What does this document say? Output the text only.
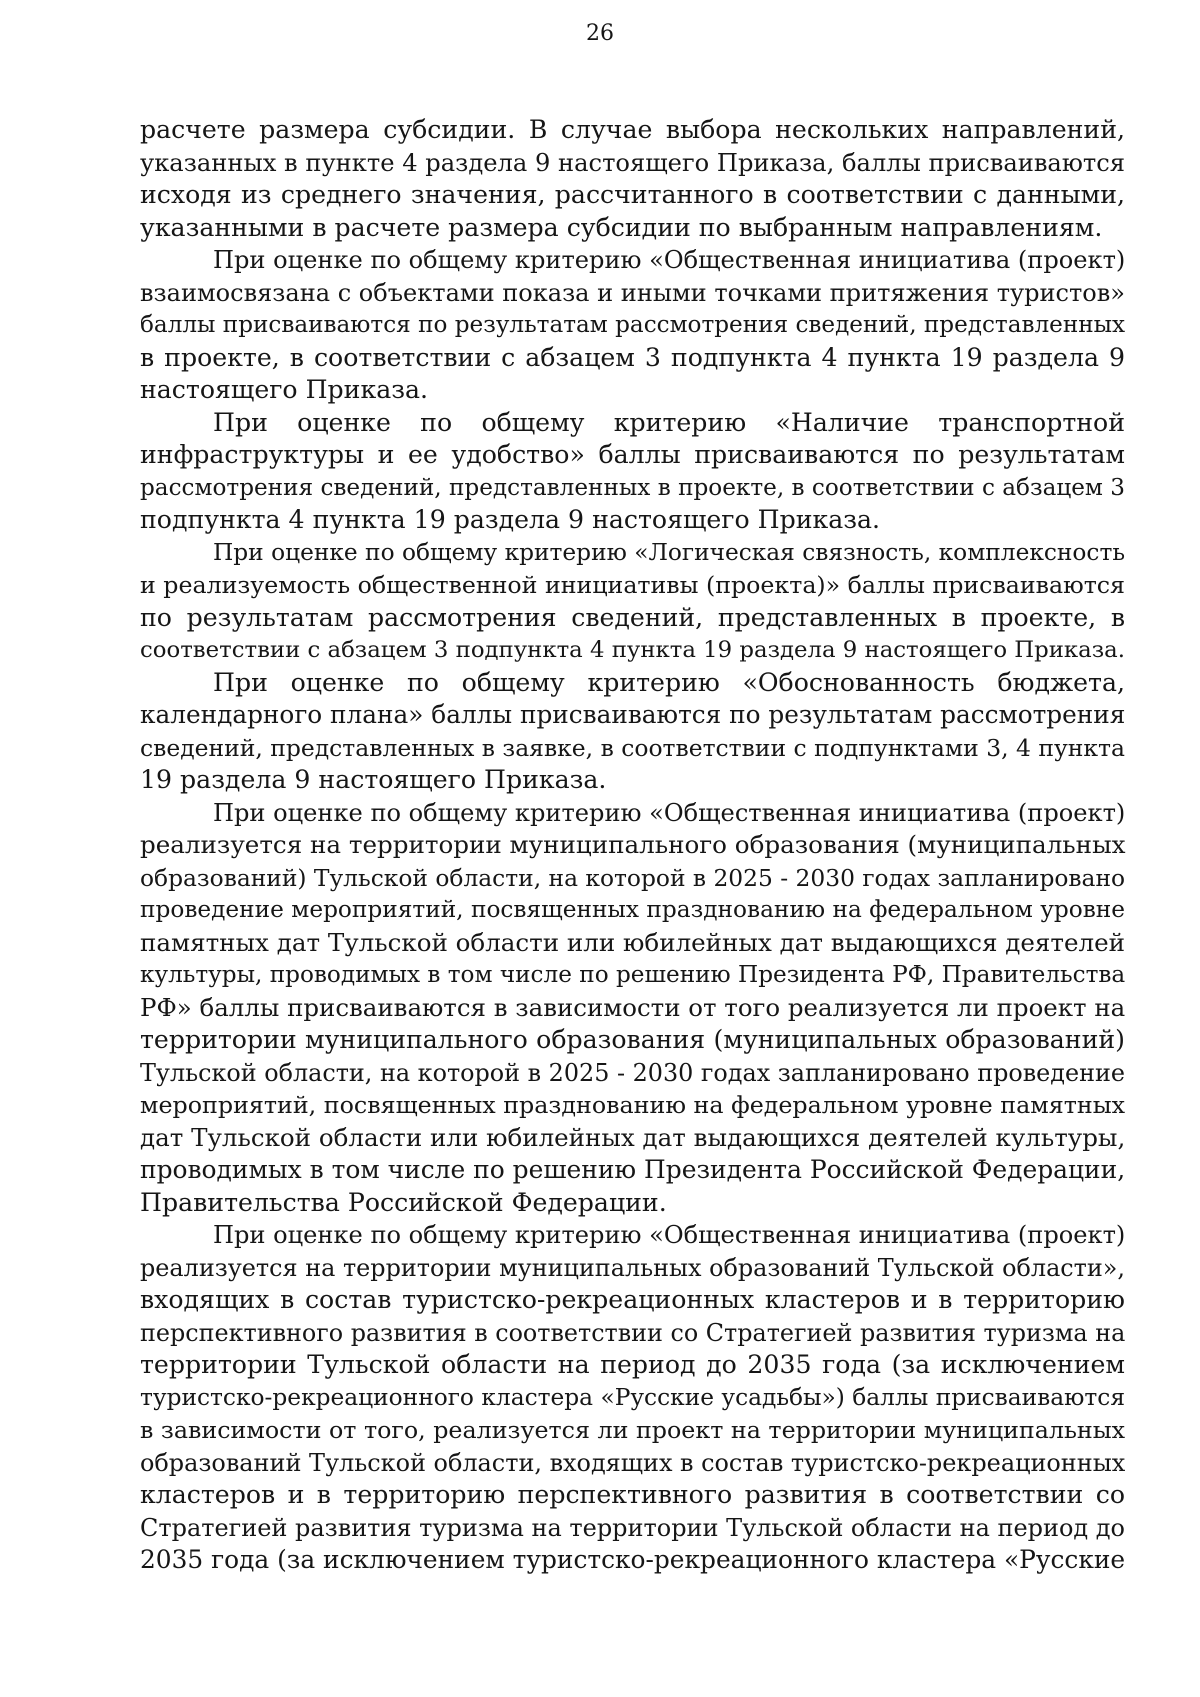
26
расчете размера субсидии. В случае выбора нескольких направлений,
указанных в пункте 4 раздела 9 настоящего Приказа, баллы присваиваются
исходя из среднего значения, рассчитанного в соответствии с данными,
указанными в расчете размера субсидии по выбранным направлениям.
При оценке по общему критерию «Общественная инициатива (проект)
взаимосвязана с объектами показа и иными точками притяжения туристов»
баллы присваиваются по результатам рассмотрения сведений, представленных
в проекте, в соответствии с абзацем 3 подпункта 4 пункта 19 раздела 9
настоящего Приказа.
При оценке по общему критерию «Наличие транспортной
инфраструктуры и ее удобство» баллы присваиваются по результатам
рассмотрения сведений, представленных в проекте, в соответствии с абзацем 3
подпункта 4 пункта 19 раздела 9 настоящего Приказа.
При оценке по общему критерию «Логическая связность, комплексность
и реализуемость общественной инициативы (проекта)» баллы присваиваются
по результатам рассмотрения сведений, представленных в проекте, в
соответствии с абзацем 3 подпункта 4 пункта 19 раздела 9 настоящего Приказа.
При оценке по общему критерию «Обоснованность бюджета,
календарного плана» баллы присваиваются по результатам рассмотрения
сведений, представленных в заявке, в соответствии с подпунктами 3, 4 пункта
19 раздела 9 настоящего Приказа.
При оценке по общему критерию «Общественная инициатива (проект)
реализуется на территории муниципального образования (муниципальных
образований) Тульской области, на которой в 2025 - 2030 годах запланировано
проведение мероприятий, посвященных празднованию на федеральном уровне
памятных дат Тульской области или юбилейных дат выдающихся деятелей
культуры, проводимых в том числе по решению Президента РФ, Правительства
РФ» баллы присваиваются в зависимости от того реализуется ли проект на
территории муниципального образования (муниципальных образований)
Тульской области, на которой в 2025 - 2030 годах запланировано проведение
мероприятий, посвященных празднованию на федеральном уровне памятных
дат Тульской области или юбилейных дат выдающихся деятелей культуры,
проводимых в том числе по решению Президента Российской Федерации,
Правительства Российской Федерации.
При оценке по общему критерию «Общественная инициатива (проект)
реализуется на территории муниципальных образований Тульской области»,
входящих в состав туристско-рекреационных кластеров и в территорию
перспективного развития в соответствии со Стратегией развития туризма на
территории Тульской области на период до 2035 года (за исключением
туристско-рекреационного кластера «Русские усадьбы») баллы присваиваются
в зависимости от того, реализуется ли проект на территории муниципальных
образований Тульской области, входящих в состав туристско-рекреационных
кластеров и в территорию перспективного развития в соответствии со
Стратегией развития туризма на территории Тульской области на период до
2035 года (за исключением туристско-рекреационного кластера «Русские
